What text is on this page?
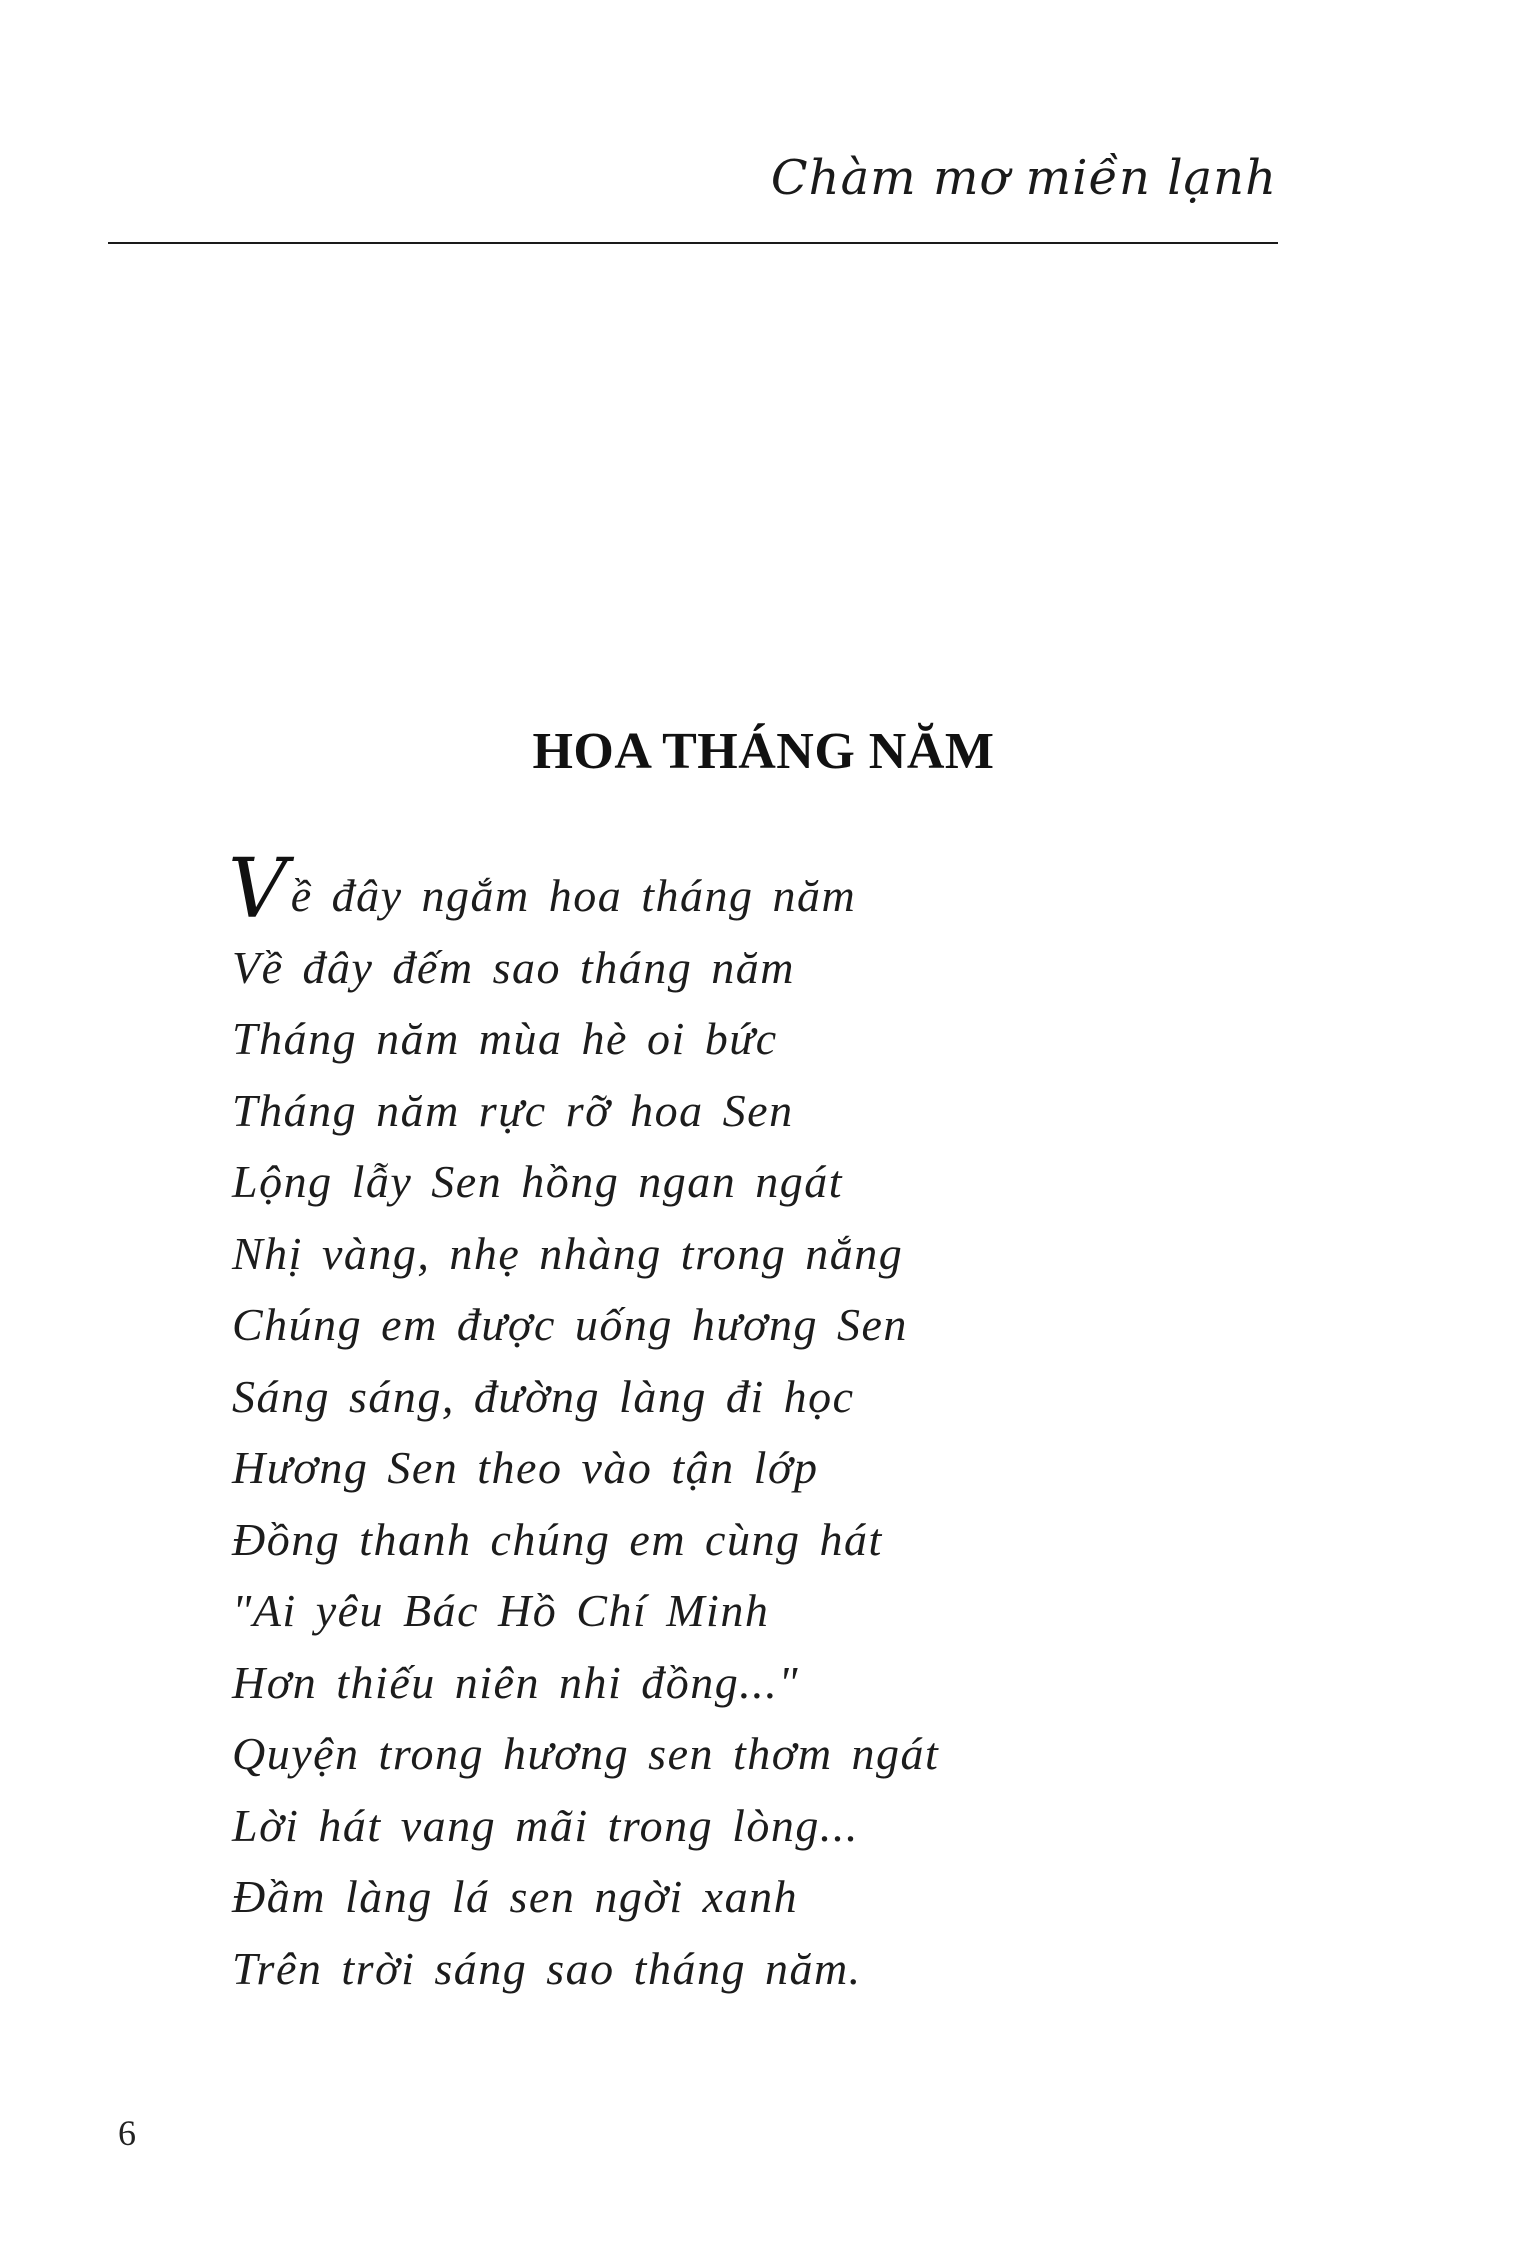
Chàm mơ miền lạnh
HOA THÁNG NĂM
Về đây ngắm hoa tháng năm
Về đây đếm sao tháng năm
Tháng năm mùa hè oi bức
Tháng năm rực rỡ hoa Sen
Lộng lẫy Sen hồng ngan ngát
Nhị vàng, nhẹ nhàng trong nắng
Chúng em được uống hương Sen
Sáng sáng, đường làng đi học
Hương Sen theo vào tận lớp
Đồng thanh chúng em cùng hát
"Ai yêu Bác Hồ Chí Minh
Hơn thiếu niên nhi đồng..."
Quyện trong hương sen thơm ngát
Lời hát vang mãi trong lòng...
Đầm làng lá sen ngời xanh
Trên trời sáng sao tháng năm.
6
